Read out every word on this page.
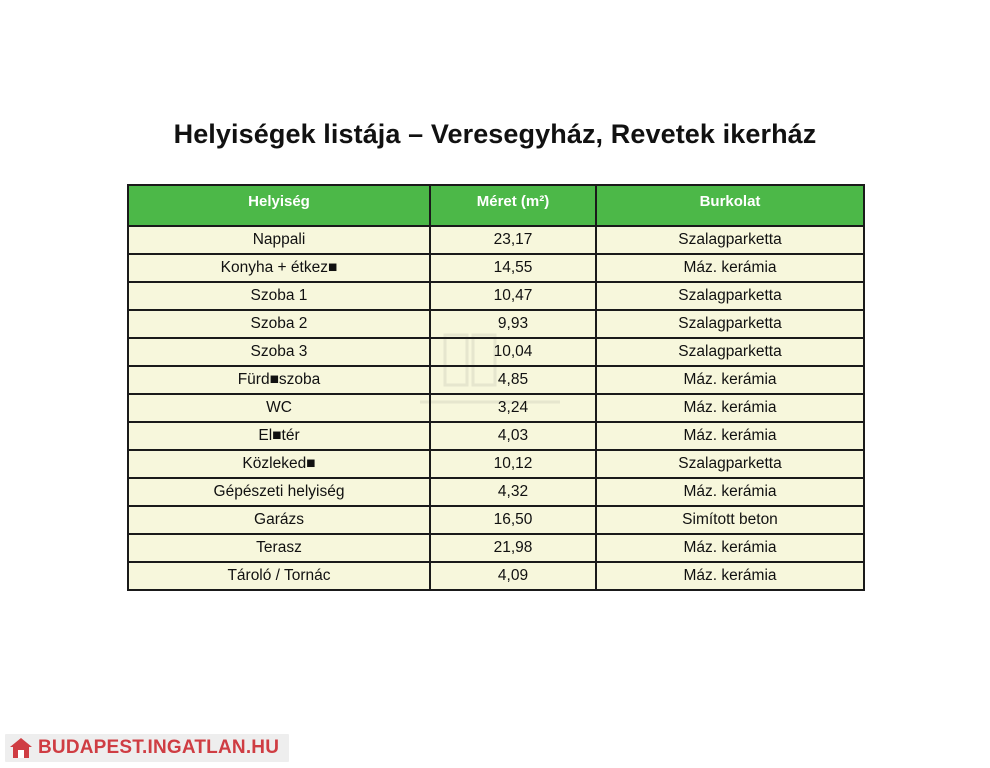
Helyiségek listája – Veresegyház, Revetek ikerház
Helyiség	Méret (m²)	Burkolat
Nappali	23,17	Szalagparketta
Konyha + étkez■	14,55	Máz. kerámia
Szoba 1	10,47	Szalagparketta
Szoba 2	9,93	Szalagparketta
Szoba 3	10,04	Szalagparketta
Fürd■szoba	4,85	Máz. kerámia
WC	3,24	Máz. kerámia
El■tér	4,03	Máz. kerámia
Közleked■	10,12	Szalagparketta
Gépészeti helyiség	4,32	Máz. kerámia
Garázs	16,50	Simított beton
Terasz	21,98	Máz. kerámia
Tároló / Tornác	4,09	Máz. kerámia
BUDAPEST.INGATLAN.HU
